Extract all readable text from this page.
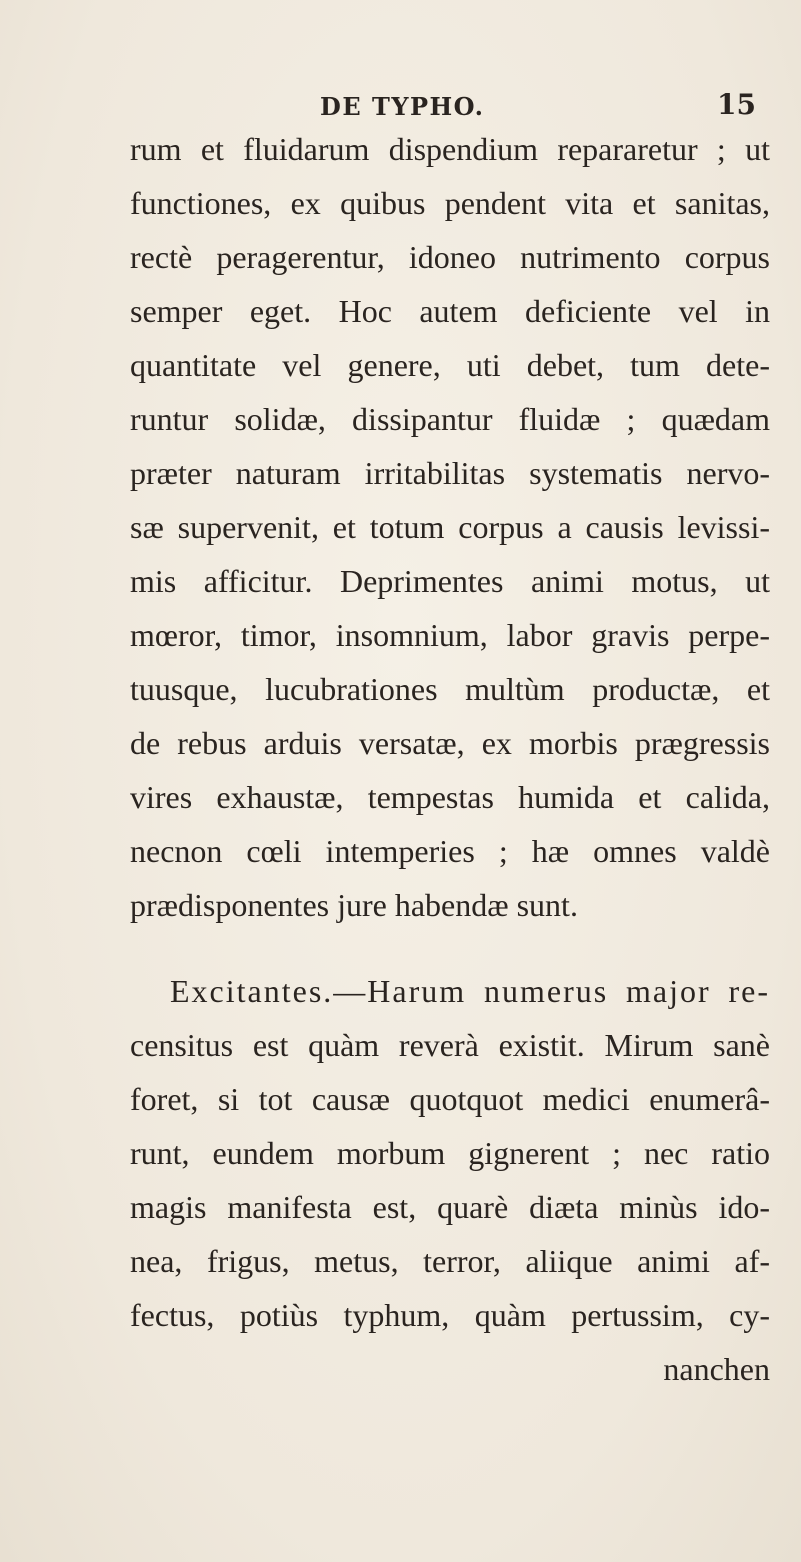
DE TYPHO.	15
rum et fluidarum dispendium repararetur ; ut
functiones, ex quibus pendent vita et sanitas,
rectè peragerentur, idoneo nutrimento corpus
semper eget. Hoc autem deficiente vel in
quantitate vel genere, uti debet, tum dete-
runtur solidæ, dissipantur fluidæ ; quædam
præter naturam irritabilitas systematis nervo-
sæ supervenit, et totum corpus a causis levissi-
mis afficitur. Deprimentes animi motus, ut
mœror, timor, insomnium, labor gravis perpe-
tuusque, lucubrationes multùm productæ, et
de rebus arduis versatæ, ex morbis prægressis
vires exhaustæ, tempestas humida et calida,
necnon cœli intemperies ; hæ omnes valdè
prædisponentes jure habendæ sunt.
Excitantes.—Harum numerus major re-
censitus est quàm reverà existit. Mirum sanè
foret, si tot causæ quotquot medici enumerâ-
runt, eundem morbum gignerent ; nec ratio
magis manifesta est, quarè diæta minùs ido-
nea, frigus, metus, terror, aliique animi af-
fectus, potiùs typhum, quàm pertussim, cy-
nanchen
